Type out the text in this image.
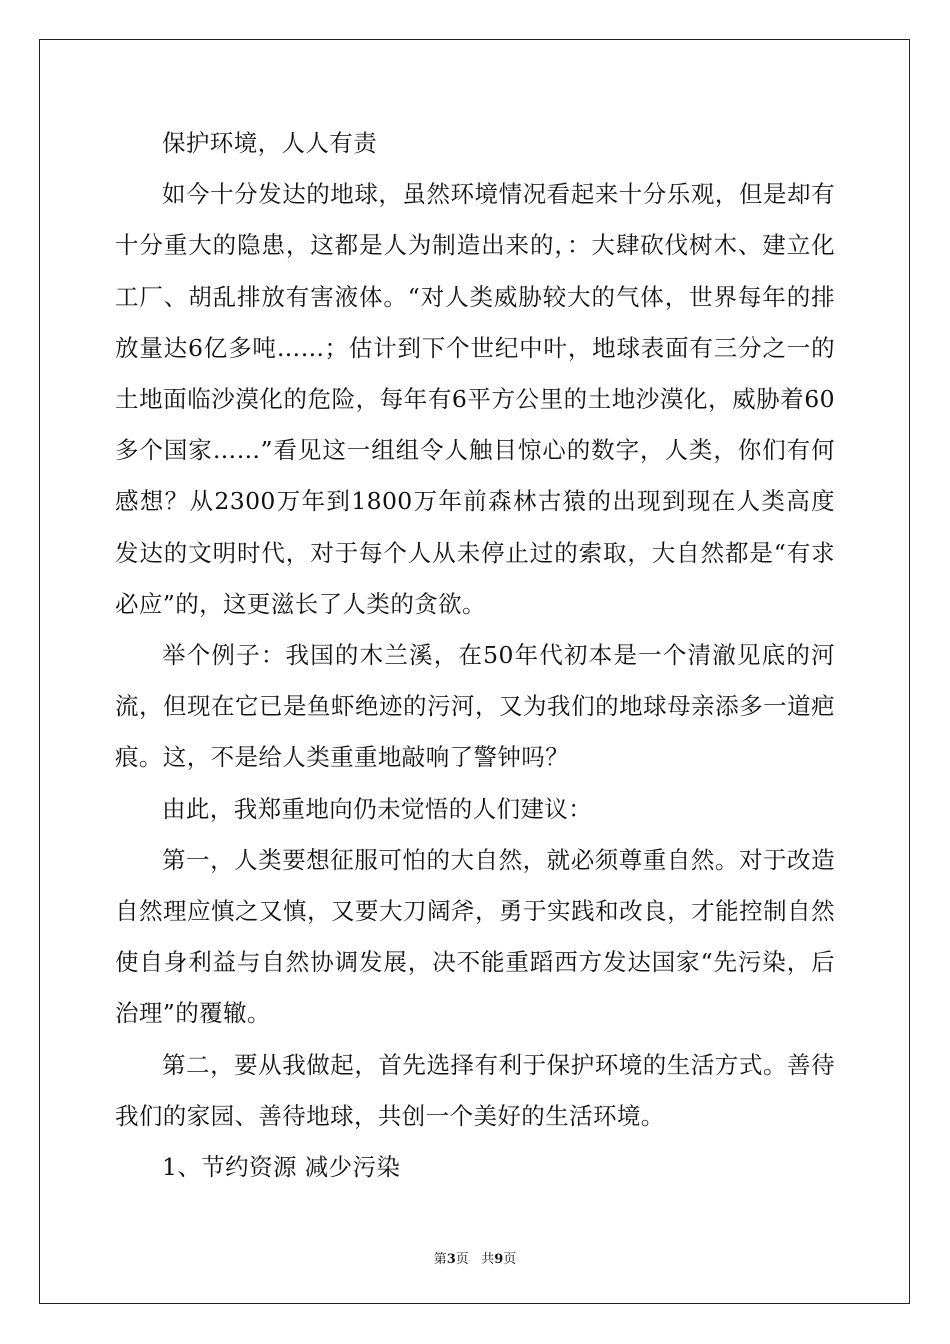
保护环境，人人有责

如今十分发达的地球，虽然环境情况看起来十分乐观，但是却有十分重大的隐患，这都是人为制造出来的，：大肆砍伐树木、建立化工厂、胡乱排放有害液体。“对人类威胁较大的气体，世界每年的排放量达6亿多吨……；估计到下个世纪中叶，地球表面有三分之一的土地面临沙漠化的危险，每年有6平方公里的土地沙漠化，威胁着60多个国家……”看见这一组组令人触目惊心的数字，人类，你们有何感想？从2300万年到1800万年前森林古猿的出现到现在人类高度发达的文明时代，对于每个人从未停止过的索取，大自然都是“有求必应”的，这更滋长了人类的贪欲。

举个例子：我国的木兰溪，在50年代初本是一个清澈见底的河流，但现在它已是鱼虾绝迹的污河，又为我们的地球母亲添多一道疤痕。这，不是给人类重重地敲响了警钟吗？

由此，我郑重地向仍未觉悟的人们建议：

第一，人类要想征服可怕的大自然，就必须尊重自然。对于改造自然理应慎之又慎，又要大刀阔斧，勇于实践和改良，才能控制自然使自身利益与自然协调发展，决不能重蹈西方发达国家“先污染，后治理”的覆辙。

第二，要从我做起，首先选择有利于保护环境的生活方式。善待我们的家园、善待地球，共创一个美好的生活环境。

1、节约资源 减少污染

第3页 共9页
